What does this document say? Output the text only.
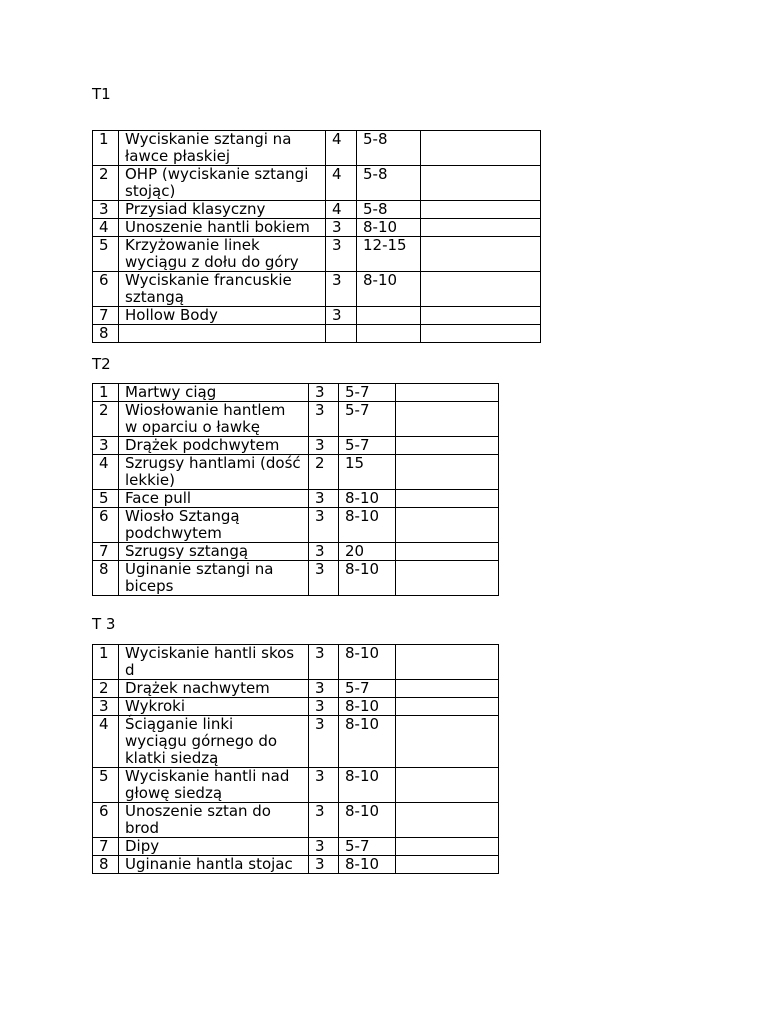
T1
1	Wyciskanie sztangi na
ławce płaskiej	4	5-8	
2	OHP (wyciskanie sztangi
stojąc)	4	5-8	
3	Przysiad klasyczny	4	5-8	
4	Unoszenie hantli bokiem	3	8-10	
5	Krzyżowanie linek
wyciągu z dołu do góry	3	12-15	
6	Wyciskanie francuskie
sztangą	3	8-10	
7	Hollow Body	3		
8				
T2
1	Martwy ciąg	3	5-7	
2	Wiosłowanie hantlem
w oparciu o ławkę	3	5-7	
3	Drążek podchwytem	3	5-7	
4	Szrugsy hantlami (dość
lekkie)	2	15	
5	Face pull	3	8-10	
6	Wiosło Sztangą
podchwytem	3	8-10	
7	Szrugsy sztangą	3	20	
8	Uginanie sztangi na
biceps	3	8-10	
T 3
1	Wyciskanie hantli skos
d	3	8-10	
2	Drążek nachwytem	3	5-7	
3	Wykroki	3	8-10	
4	Ściąganie linki
wyciągu górnego do
klatki siedzą	3	8-10	
5	Wyciskanie hantli nad
głowę siedzą	3	8-10	
6	Unoszenie sztan do
brod	3	8-10	
7	Dipy	3	5-7	
8	Uginanie hantla stojac	3	8-10	
